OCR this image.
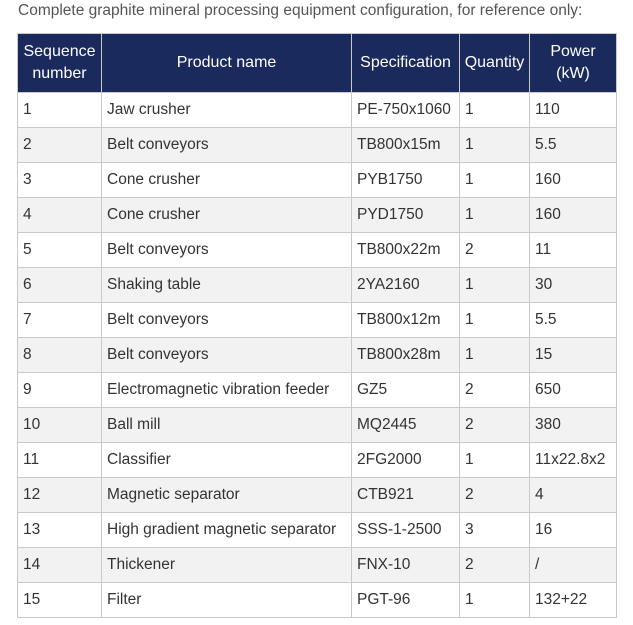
Complete graphite mineral processing equipment configuration, for reference only:
Sequence
number	Product name	Specification	Quantity	Power
(kW)
1	Jaw crusher	PE-750x1060	1	110
2	Belt conveyors	TB800x15m	1	5.5
3	Cone crusher	PYB1750	1	160
4	Cone crusher	PYD1750	1	160
5	Belt conveyors	TB800x22m	2	11
6	Shaking table	2YA2160	1	30
7	Belt conveyors	TB800x12m	1	5.5
8	Belt conveyors	TB800x28m	1	15
9	Electromagnetic vibration feeder	GZ5	2	650
10	Ball mill	MQ2445	2	380
11	Classifier	2FG2000	1	11x22.8x2
12	Magnetic separator	CTB921	2	4
13	High gradient magnetic separator	SSS-1-2500	3	16
14	Thickener	FNX-10	2	/
15	Filter	PGT-96	1	132+22
